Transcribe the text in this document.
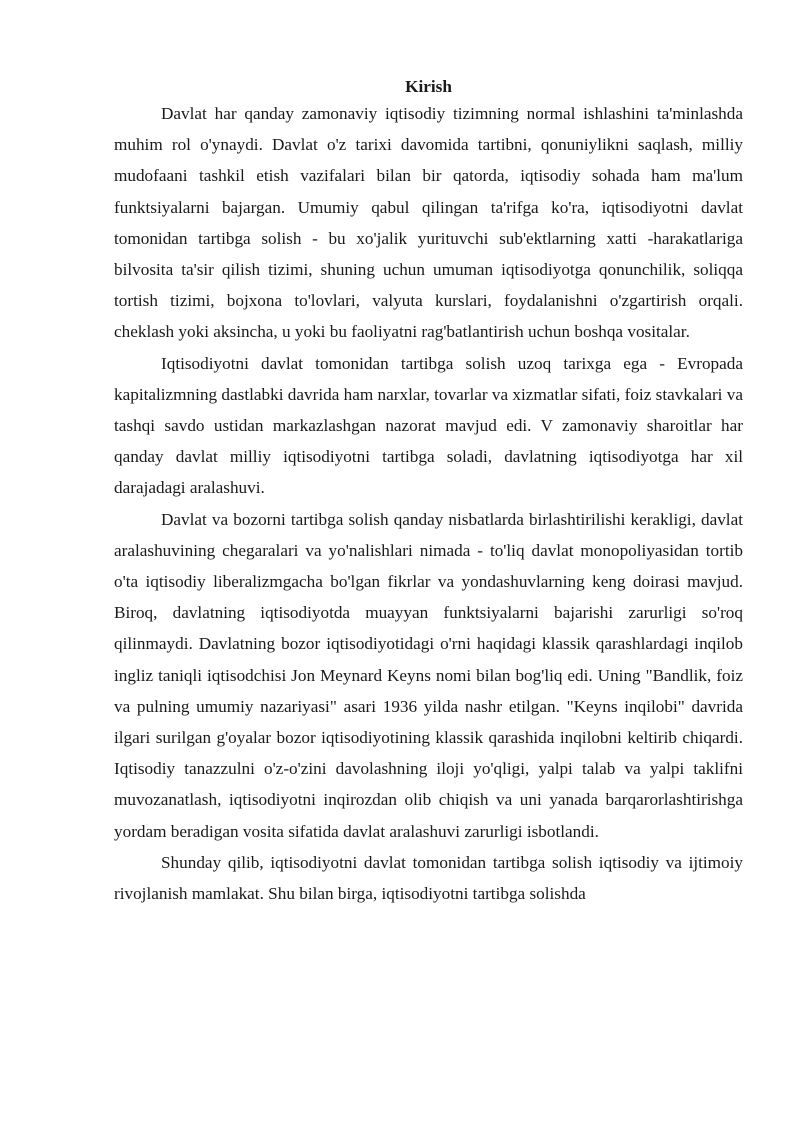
Kirish

Davlat har qanday zamonaviy iqtisodiy tizimning normal ishlashini ta'minlashda muhim rol o'ynaydi. Davlat o'z tarixi davomida tartibni, qonuniylikni saqlash, milliy mudofaani tashkil etish vazifalari bilan bir qatorda, iqtisodiy sohada ham ma'lum funktsiyalarni bajargan. Umumiy qabul qilingan ta'rifga ko'ra, iqtisodiyotni davlat tomonidan tartibga solish - bu xo'jalik yurituvchi sub'ektlarning xatti -harakatlariga bilvosita ta'sir qilish tizimi, shuning uchun umuman iqtisodiyotga qonunchilik, soliqqa tortish tizimi, bojxona to'lovlari, valyuta kurslari, foydalanishni o'zgartirish orqali. cheklash yoki aksincha, u yoki bu faoliyatni rag'batlantirish uchun boshqa vositalar.

Iqtisodiyotni davlat tomonidan tartibga solish uzoq tarixga ega - Evropada kapitalizmning dastlabki davrida ham narxlar, tovarlar va xizmatlar sifati, foiz stavkalari va tashqi savdo ustidan markazlashgan nazorat mavjud edi. V zamonaviy sharoitlar har qanday davlat milliy iqtisodiyotni tartibga soladi, davlatning iqtisodiyotga har xil darajadagi aralashuvi.

Davlat va bozorni tartibga solish qanday nisbatlarda birlashtirilishi kerakligi, davlat aralashuvining chegaralari va yo'nalishlari nimada - to'liq davlat monopoliyasidan tortib o'ta iqtisodiy liberalizmgacha bo'lgan fikrlar va yondashuvlarning keng doirasi mavjud. Biroq, davlatning iqtisodiyotda muayyan funktsiyalarni bajarishi zarurligi so'roq qilinmaydi. Davlatning bozor iqtisodiyotidagi o'rni haqidagi klassik qarashlardagi inqilob ingliz taniqli iqtisodchisi Jon Meynard Keyns nomi bilan bog'liq edi. Uning "Bandlik, foiz va pulning umumiy nazariyasi" asari 1936 yilda nashr etilgan. "Keyns inqilobi" davrida ilgari surilgan g'oyalar bozor iqtisodiyotining klassik qarashida inqilobni keltirib chiqardi. Iqtisodiy tanazzulni o'z-o'zini davolashning iloji yo'qligi, yalpi talab va yalpi taklifni muvozanatlash, iqtisodiyotni inqirozdan olib chiqish va uni yanada barqarorlashtirishga yordam beradigan vosita sifatida davlat aralashuvi zarurligi isbotlandi.

Shunday qilib, iqtisodiyotni davlat tomonidan tartibga solish iqtisodiy va ijtimoiy rivojlanish mamlakat. Shu bilan birga, iqtisodiyotni tartibga solishda
